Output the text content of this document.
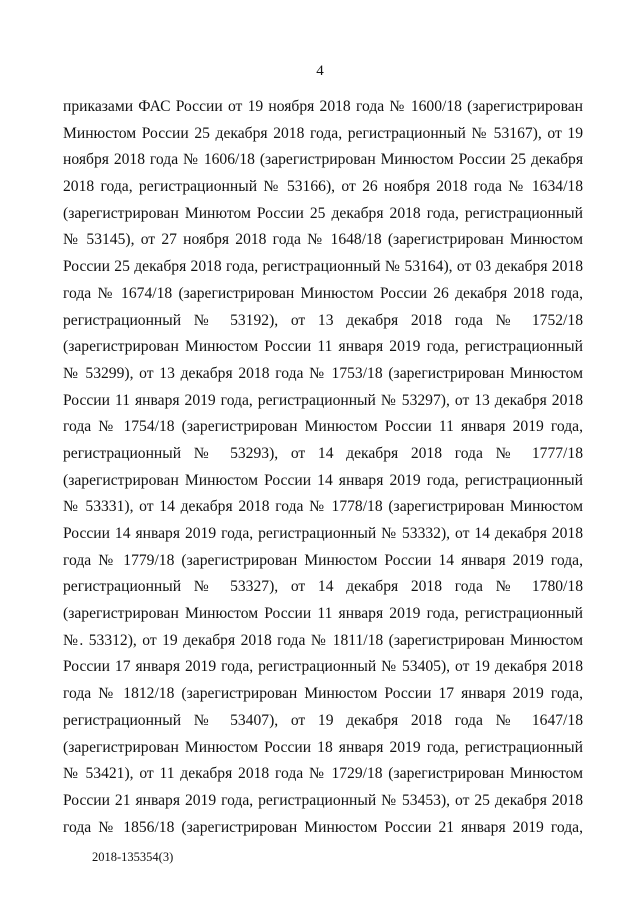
4
приказами ФАС России от 19 ноября 2018 года № 1600/18 (зарегистрирован
Минюстом России 25 декабря 2018 года, регистрационный № 53167), от 19
ноября 2018 года № 1606/18 (зарегистрирован Минюстом России 25 декабря
2018 года, регистрационный № 53166), от 26 ноября 2018 года № 1634/18
(зарегистрирован Минютом России 25 декабря 2018 года, регистрационный
№ 53145), от 27 ноября 2018 года № 1648/18 (зарегистрирован Минюстом
России 25 декабря 2018 года, регистрационный № 53164), от 03 декабря 2018
года № 1674/18 (зарегистрирован Минюстом России 26 декабря 2018 года,
регистрационный № 53192), от 13 декабря 2018 года № 1752/18
(зарегистрирован Минюстом России 11 января 2019 года, регистрационный
№ 53299), от 13 декабря 2018 года № 1753/18 (зарегистрирован Минюстом
России 11 января 2019 года, регистрационный № 53297), от 13 декабря 2018
года № 1754/18 (зарегистрирован Минюстом России 11 января 2019 года,
регистрационный № 53293), от 14 декабря 2018 года № 1777/18
(зарегистрирован Минюстом России 14 января 2019 года, регистрационный
№ 53331), от 14 декабря 2018 года № 1778/18 (зарегистрирован Минюстом
России 14 января 2019 года, регистрационный № 53332), от 14 декабря 2018
года № 1779/18 (зарегистрирован Минюстом России 14 января 2019 года,
регистрационный № 53327), от 14 декабря 2018 года № 1780/18
(зарегистрирован Минюстом России 11 января 2019 года, регистрационный
№. 53312), от 19 декабря 2018 года № 1811/18 (зарегистрирован Минюстом
России 17 января 2019 года, регистрационный № 53405), от 19 декабря 2018
года № 1812/18 (зарегистрирован Минюстом России 17 января 2019 года,
регистрационный № 53407), от 19 декабря 2018 года № 1647/18
(зарегистрирован Минюстом России 18 января 2019 года, регистрационный
№ 53421), от 11 декабря 2018 года № 1729/18 (зарегистрирован Минюстом
России 21 января 2019 года, регистрационный № 53453), от 25 декабря 2018
года № 1856/18 (зарегистрирован Минюстом России 21 января 2019 года,
2018-135354(3)
